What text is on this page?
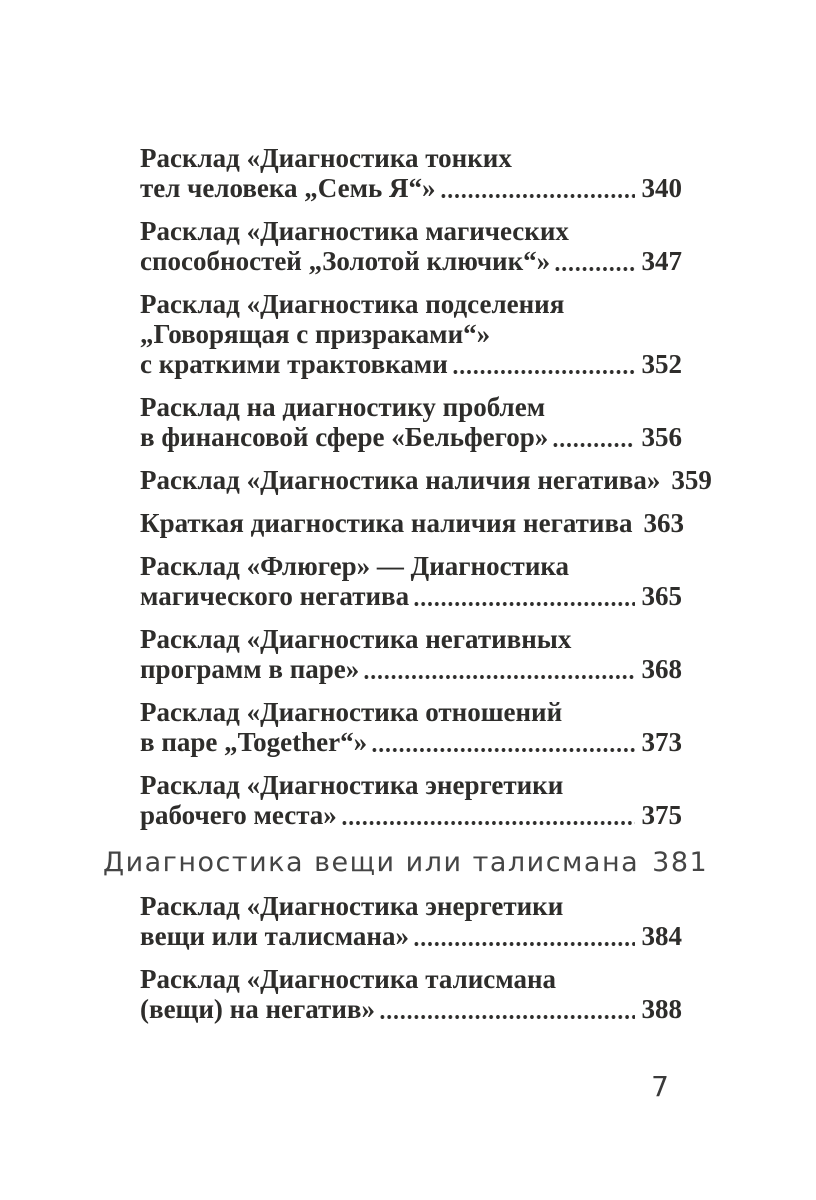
Расклад «Диагностика тонких
тел человека „Семь Я“»	340
Расклад «Диагностика магических
способностей „Золотой ключик“»	347
Расклад «Диагностика подселения
„Говорящая с призраками“»
с краткими трактовками	352
Расклад на диагностику проблем
в финансовой сфере «Бельфегор»	356
Расклад «Диагностика наличия негатива» 359
Краткая диагностика наличия негатива 363
Расклад «Флюгер» — Диагностика
магического негатива	365
Расклад «Диагностика негативных
программ в паре»	368
Расклад «Диагностика отношений
в паре „Together“»	373
Расклад «Диагностика энергетики
рабочего места»	375
Диагностика вещи или талисмана 381
Расклад «Диагностика энергетики
вещи или талисмана»	384
Расклад «Диагностика талисмана
(вещи) на негатив»	388
7
